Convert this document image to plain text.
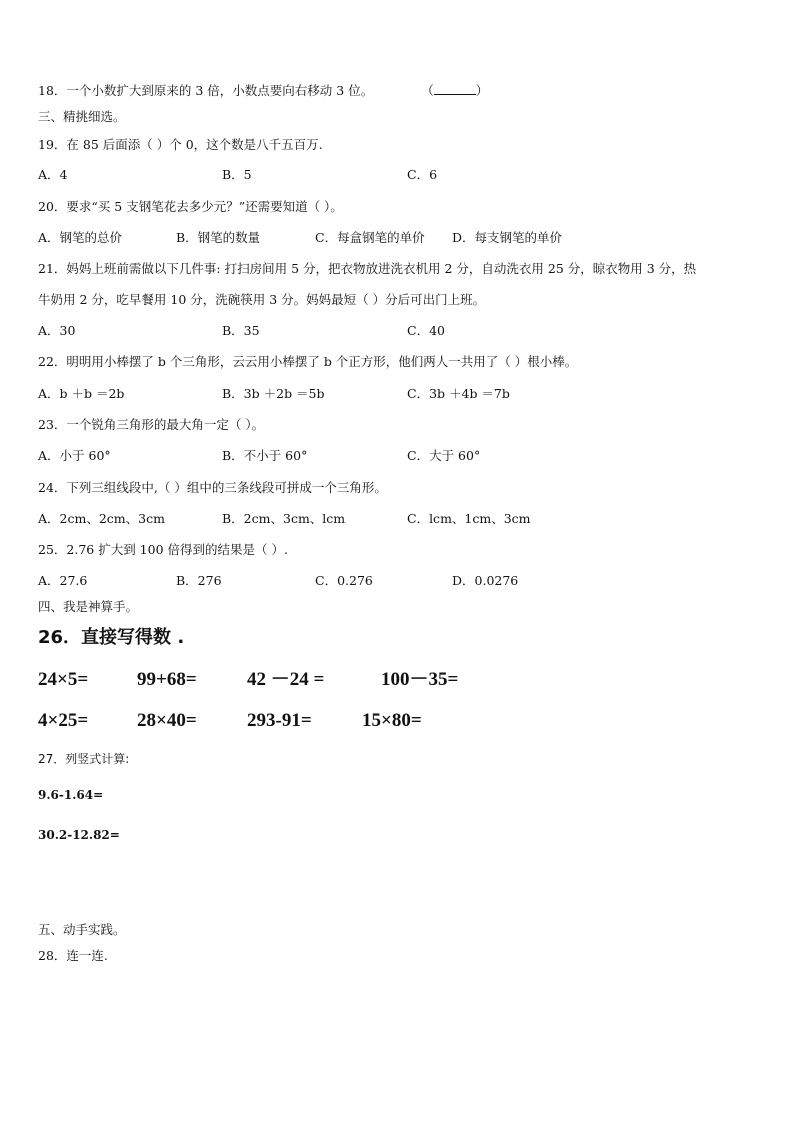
18．一个小数扩大到原来的 3 倍，小数点要向右移动 3 位。	（	）
三、精挑细选。
19．在 85 后面添（ ）个 0，这个数是八千五百万.
A．4	B．5	C．6
20．要求“买 5 支钢笔花去多少元？”还需要知道（ ）。
A．钢笔的总价	B．钢笔的数量	C．每盒钢笔的单价 D．每支钢笔的单价
21．妈妈上班前需做以下几件事: 打扫房间用 5 分，把衣物放进洗衣机用 2 分，自动洗衣用 25 分，晾衣物用 3 分，热
牛奶用 2 分，吃早餐用 10 分，洗碗筷用 3 分。妈妈最短（ ）分后可出门上班。
A．30	B．35	C．40
22．明明用小棒摆了 b 个三角形，云云用小棒摆了 b 个正方形，他们两人一共用了（ ）根小棒。
A．b ＋b ＝2b	B．3b ＋2b ＝5b	C．3b ＋4b ＝7b
23．一个锐角三角形的最大角一定（ ）。
A．小于 60°	B．不小于 60°	C．大于 60°
24．下列三组线段中,（ ）组中的三条线段可拼成一个三角形。
A．2cm、2cm、3cm	B．2cm、3cm、lcm	C．lcm、1cm、3cm
25．2.76 扩大到 100 倍得到的结果是（ ）.
A．27.6	B．276	C．0.276	D．0.0276
四、我是神算手。
26．直接写得数 .
24×5=	99+68=	42 －24 =	100－35=
4×25=	28×40=	293-91=	15×80=
27．列竖式计算:
9.6-1.64=
30.2-12.82=
五、动手实践。
28．连一连.
